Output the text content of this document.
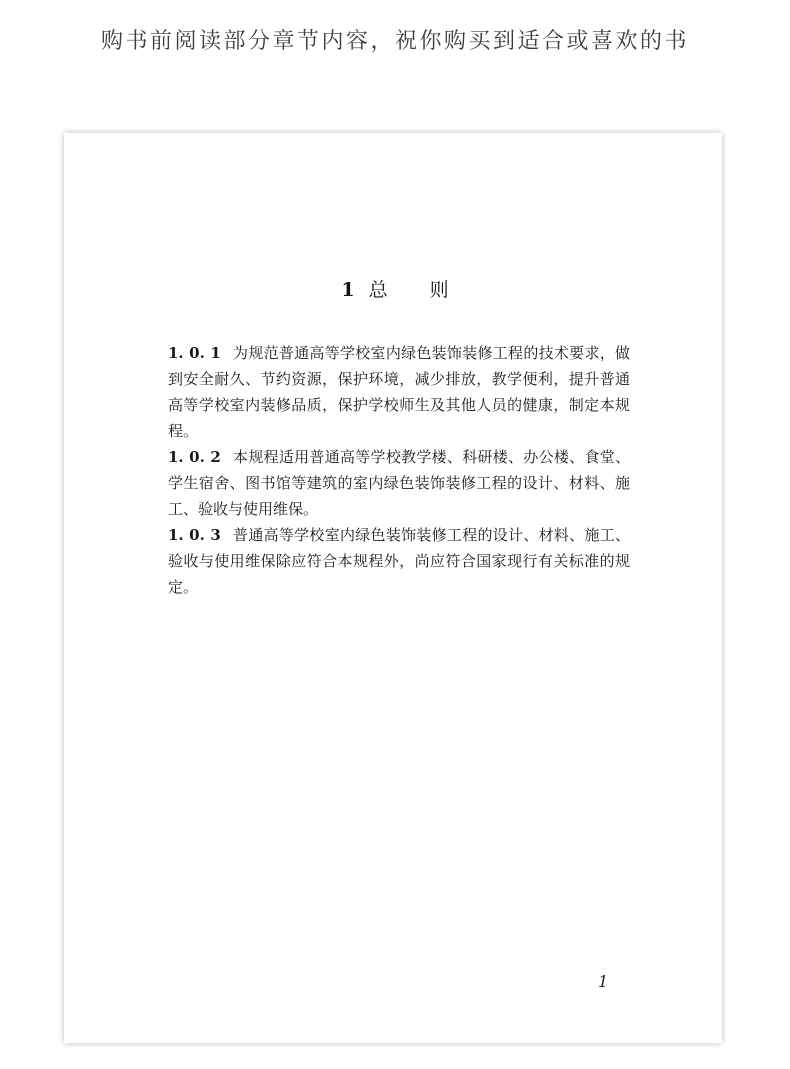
购书前阅读部分章节内容，祝你购买到适合或喜欢的书
1 总 则

1. 0. 1 为规范普通高等学校室内绿色装饰装修工程的技术要求，做到安全耐久、节约资源，保护环境，减少排放，教学便利，提升普通高等学校室内装修品质，保护学校师生及其他人员的健康，制定本规程。

1. 0. 2 本规程适用普通高等学校教学楼、科研楼、办公楼、食堂、学生宿舍、图书馆等建筑的室内绿色装饰装修工程的设计、材料、施工、验收与使用维保。

1. 0. 3 普通高等学校室内绿色装饰装修工程的设计、材料、施工、验收与使用维保除应符合本规程外，尚应符合国家现行有关标准的规定。

1
